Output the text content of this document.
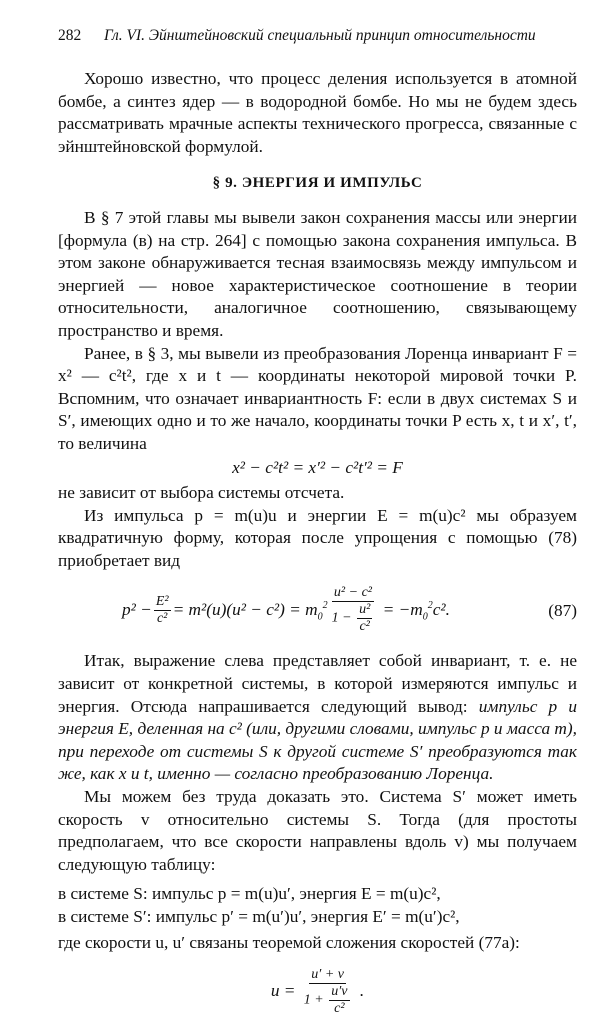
282	Гл. VI. Эйнштейновский специальный принцип относительности

Хорошо известно, что процесс деления используется в атомной бомбе, а синтез ядер — в водородной бомбе. Но мы не будем здесь рассматривать мрачные аспекты технического прогресса, связанные с эйнштейновской формулой.

§ 9. ЭНЕРГИЯ И ИМПУЛЬС

В § 7 этой главы мы вывели закон сохранения массы или энергии [формула (в) на стр. 264] с помощью закона сохранения импульса. В этом законе обнаруживается тесная взаимосвязь между импульсом и энергией — новое характеристическое соотношение в теории относительности, аналогичное соотношению, связывающему пространство и время.

Ранее, в § 3, мы вывели из преобразования Лоренца инвариант F = x² — c²t², где x и t — координаты некоторой мировой точки P. Вспомним, что означает инвариантность F: если в двух системах S и S′, имеющих одно и то же начало, координаты точки P есть x, t и x′, t′, то величина

x² − c²t² = x′² − c²t′² = F

не зависит от выбора системы отсчета.

Из импульса p = m(u)u и энергии E = m(u)c² мы образуем квадратичную форму, которая после упрощения с помощью (78) приобретает вид

$p^2 - \frac{\text{E²}}{\text{c²}} = m^2(u)(u^2 - c^2) = m_0^2 \frac{\text{u² − c²}}{1 - \frac{\text{u²}}{\text{c²}}} = -m_0^2c^2$.	(87)

Итак, выражение слева представляет собой инвариант, т. е. не зависит от конкретной системы, в которой измеряются импульс и энергия. Отсюда напрашивается следующий вывод: импульс p и энергия E, деленная на c² (или, другими словами, импульс p и масса m), при переходе от системы S к другой системе S′ преобразуются так же, как x и t, именно — согласно преобразованию Лоренца.

Мы можем без труда доказать это. Система S′ может иметь скорость v относительно системы S. Тогда (для простоты предполагаем, что все скорости направлены вдоль v) мы получаем следующую таблицу:

в системе S: импульс p = m(u)u′, энергия E = m(u)c²,
в системе S′: импульс p′ = m(u′)u′, энергия E′ = m(u′)c²,

где скорости u, u′ связаны теоремой сложения скоростей (77а):

$u = \frac{u' + v}{1 + \frac{u'v}{\text{c²}}}$ .
